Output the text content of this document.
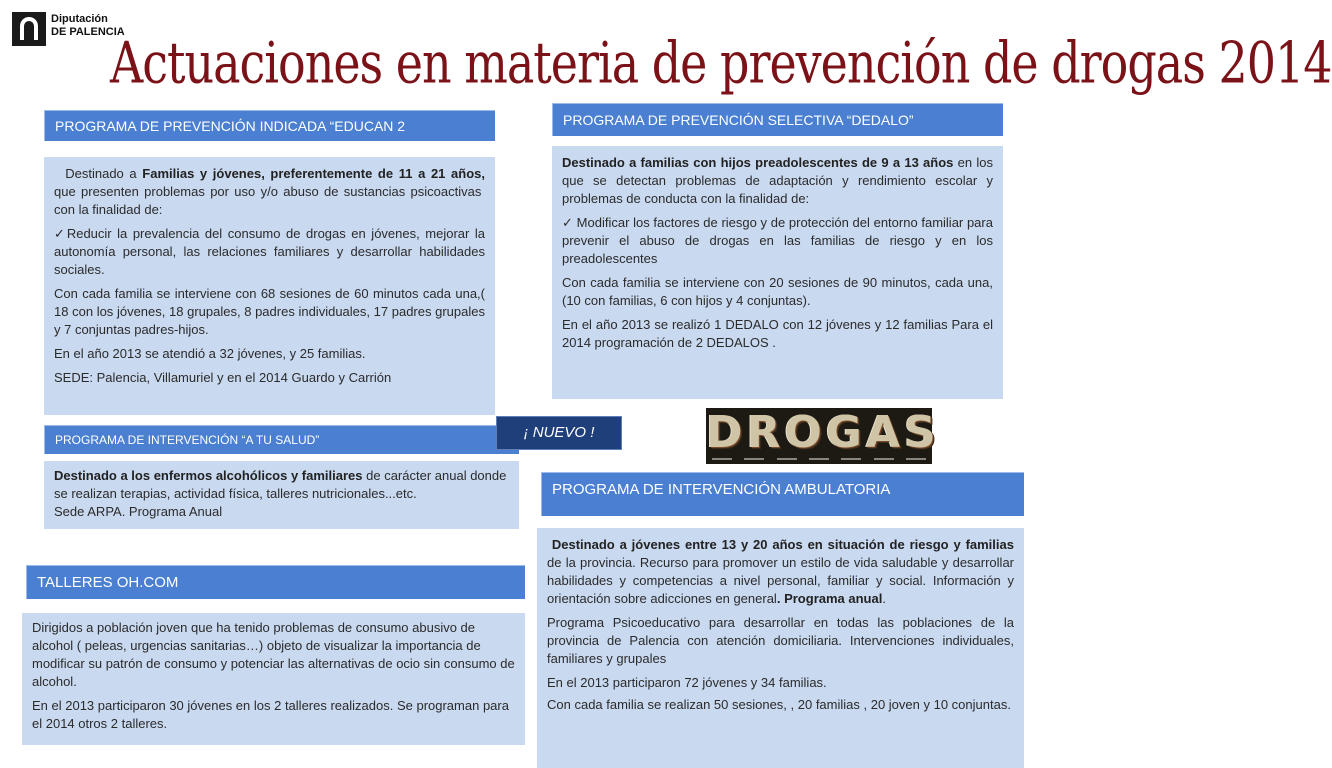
Diputación
DE PALENCIA
Actuaciones en materia de prevención de drogas 2014
PROGRAMA DE PREVENCIÓN INDICADA “EDUCAN 2

Destinado a Familias y jóvenes, preferentemente de 11 a 21 años, que presenten problemas por uso y/o abuso de sustancias psicoactivas  con la finalidad de:

✓Reducir la prevalencia del consumo de drogas en jóvenes, mejorar la autonomía personal, las relaciones familiares y desarrollar habilidades sociales.

Con cada familia se interviene con 68 sesiones de 60 minutos cada una,( 18 con los jóvenes, 18 grupales, 8 padres individuales, 17 padres grupales y 7 conjuntas padres-hijos.

En el año 2013 se atendió a 32 jóvenes, y 25 familias.

SEDE: Palencia, Villamuriel y en el 2014 Guardo y Carrión

PROGRAMA DE PREVENCIÓN SELECTIVA “DEDALO”

Destinado a familias con hijos preadolescentes de 9 a 13 años en los que se detectan problemas de adaptación y rendimiento escolar y problemas de conducta con la finalidad de:

✓ Modificar los factores de riesgo y de protección del entorno familiar para prevenir el abuso de drogas en las familias de riesgo y en los preadolescentes

Con cada familia se interviene con 20 sesiones de 90 minutos, cada una, (10 con familias, 6 con hijos y 4 conjuntas).

En el año 2013 se realizó 1 DEDALO con 12 jóvenes y 12 familias Para el 2014 programación de 2 DEDALOS .

PROGRAMA DE INTERVENCIÓN “A TU SALUD”	¡ NUEVO !
Destinado a los enfermos alcohólicos y familiares de carácter anual donde se realizan terapias, actividad física, talleres nutricionales...etc.
Sede ARPA. Programa Anual
DROGAS
PROGRAMA DE INTERVENCIÓN AMBULATORIA

Destinado a jóvenes entre 13 y 20 años en situación de riesgo y familias de la provincia. Recurso para promover un estilo de vida saludable y desarrollar habilidades y competencias a nivel personal, familiar y social. Información y orientación sobre adicciones en general. Programa anual.

Programa Psicoeducativo para desarrollar en todas las poblaciones de la provincia de Palencia con atención domiciliaria. Intervenciones individuales, familiares y grupales

En el 2013 participaron 72 jóvenes y 34 familias.

Con cada familia se realizan 50 sesiones, , 20 familias , 20 joven y 10 conjuntas.

TALLERES OH.COM

Dirigidos a población joven que ha tenido problemas de consumo abusivo de alcohol ( peleas, urgencias sanitarias…) objeto de visualizar la importancia de modificar su patrón de consumo y potenciar las alternativas de ocio sin consumo de alcohol.

En el 2013 participaron 30 jóvenes en los 2 talleres realizados. Se programan para el 2014 otros 2 talleres.
